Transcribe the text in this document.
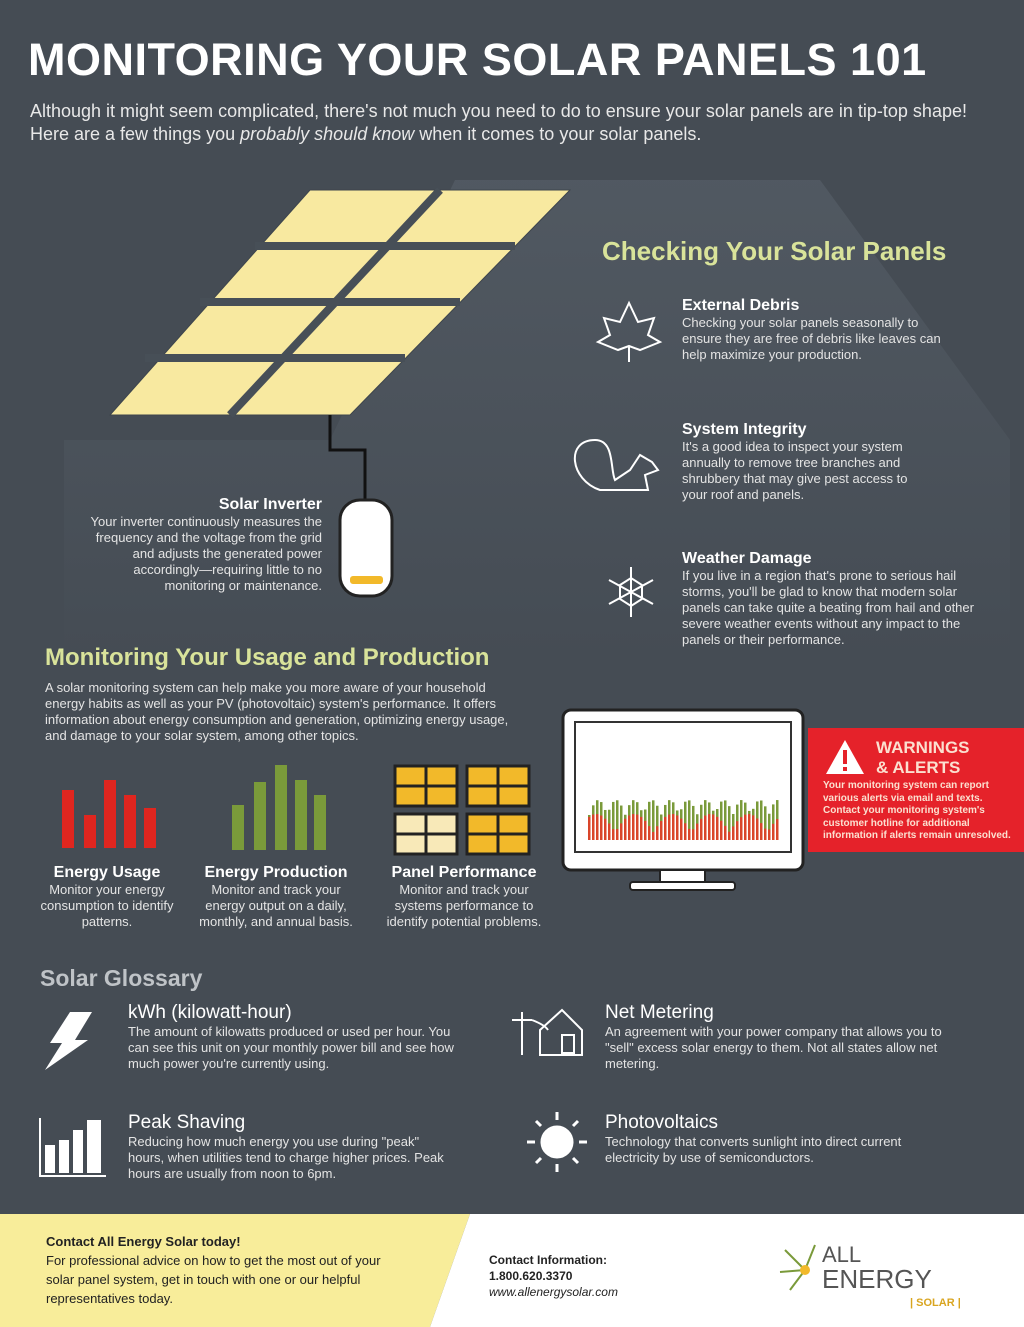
MONITORING YOUR SOLAR PANELS 101
Although it might seem complicated, there's not much you need to do to ensure your solar panels are in tip-top shape! Here are a few things you probably should know when it comes to your solar panels.
Checking Your Solar Panels
External Debris
Checking your solar panels seasonally to ensure they are free of debris like leaves can help maximize your production.
System Integrity
It's a good idea to inspect your system annually to remove tree branches and shrubbery that may give pest access to your roof and panels.
Weather Damage
If you live in a region that's prone to serious hail storms, you'll be glad to know that modern solar panels can take quite a beating from hail and other severe weather events without any impact to the panels or their performance.
Solar Inverter
Your inverter continuously measures the frequency and the voltage from the grid and adjusts the generated power accordingly—requiring little to no monitoring or maintenance.
Monitoring Your Usage and Production
A solar monitoring system can help make you more aware of your household energy habits as well as your PV (photovoltaic) system's performance. It offers information about energy consumption and generation, optimizing energy usage, and damage to your solar system, among other topics.
Energy Usage
Monitor your energy consumption to identify patterns.
Energy Production
Monitor and track your energy output on a daily, monthly, and annual basis.
Panel Performance
Monitor and track your systems performance to identify potential problems.
WARNINGS
& ALERTS
Your monitoring system can report various alerts via email and texts. Contact your monitoring system's customer hotline for additional information if alerts remain unresolved.
Solar Glossary
kWh (kilowatt-hour)
The amount of kilowatts produced or used per hour. You can see this unit on your monthly power bill and see how much power you're currently using.
Net Metering
An agreement with your power company that allows you to "sell" excess solar energy to them. Not all states allow net metering.
Peak Shaving
Reducing how much energy you use during "peak" hours, when utilities tend to charge higher prices. Peak hours are usually from noon to 6pm.
Photovoltaics
Technology that converts sunlight into direct current electricity by use of semiconductors.
Contact All Energy Solar today!
For professional advice on how to get the most out of your solar panel system, get in touch with one or our helpful representatives today.
Contact Information:
1.800.620.3370
www.allenergysolar.com
ALL
ENERGY
| SOLAR |
